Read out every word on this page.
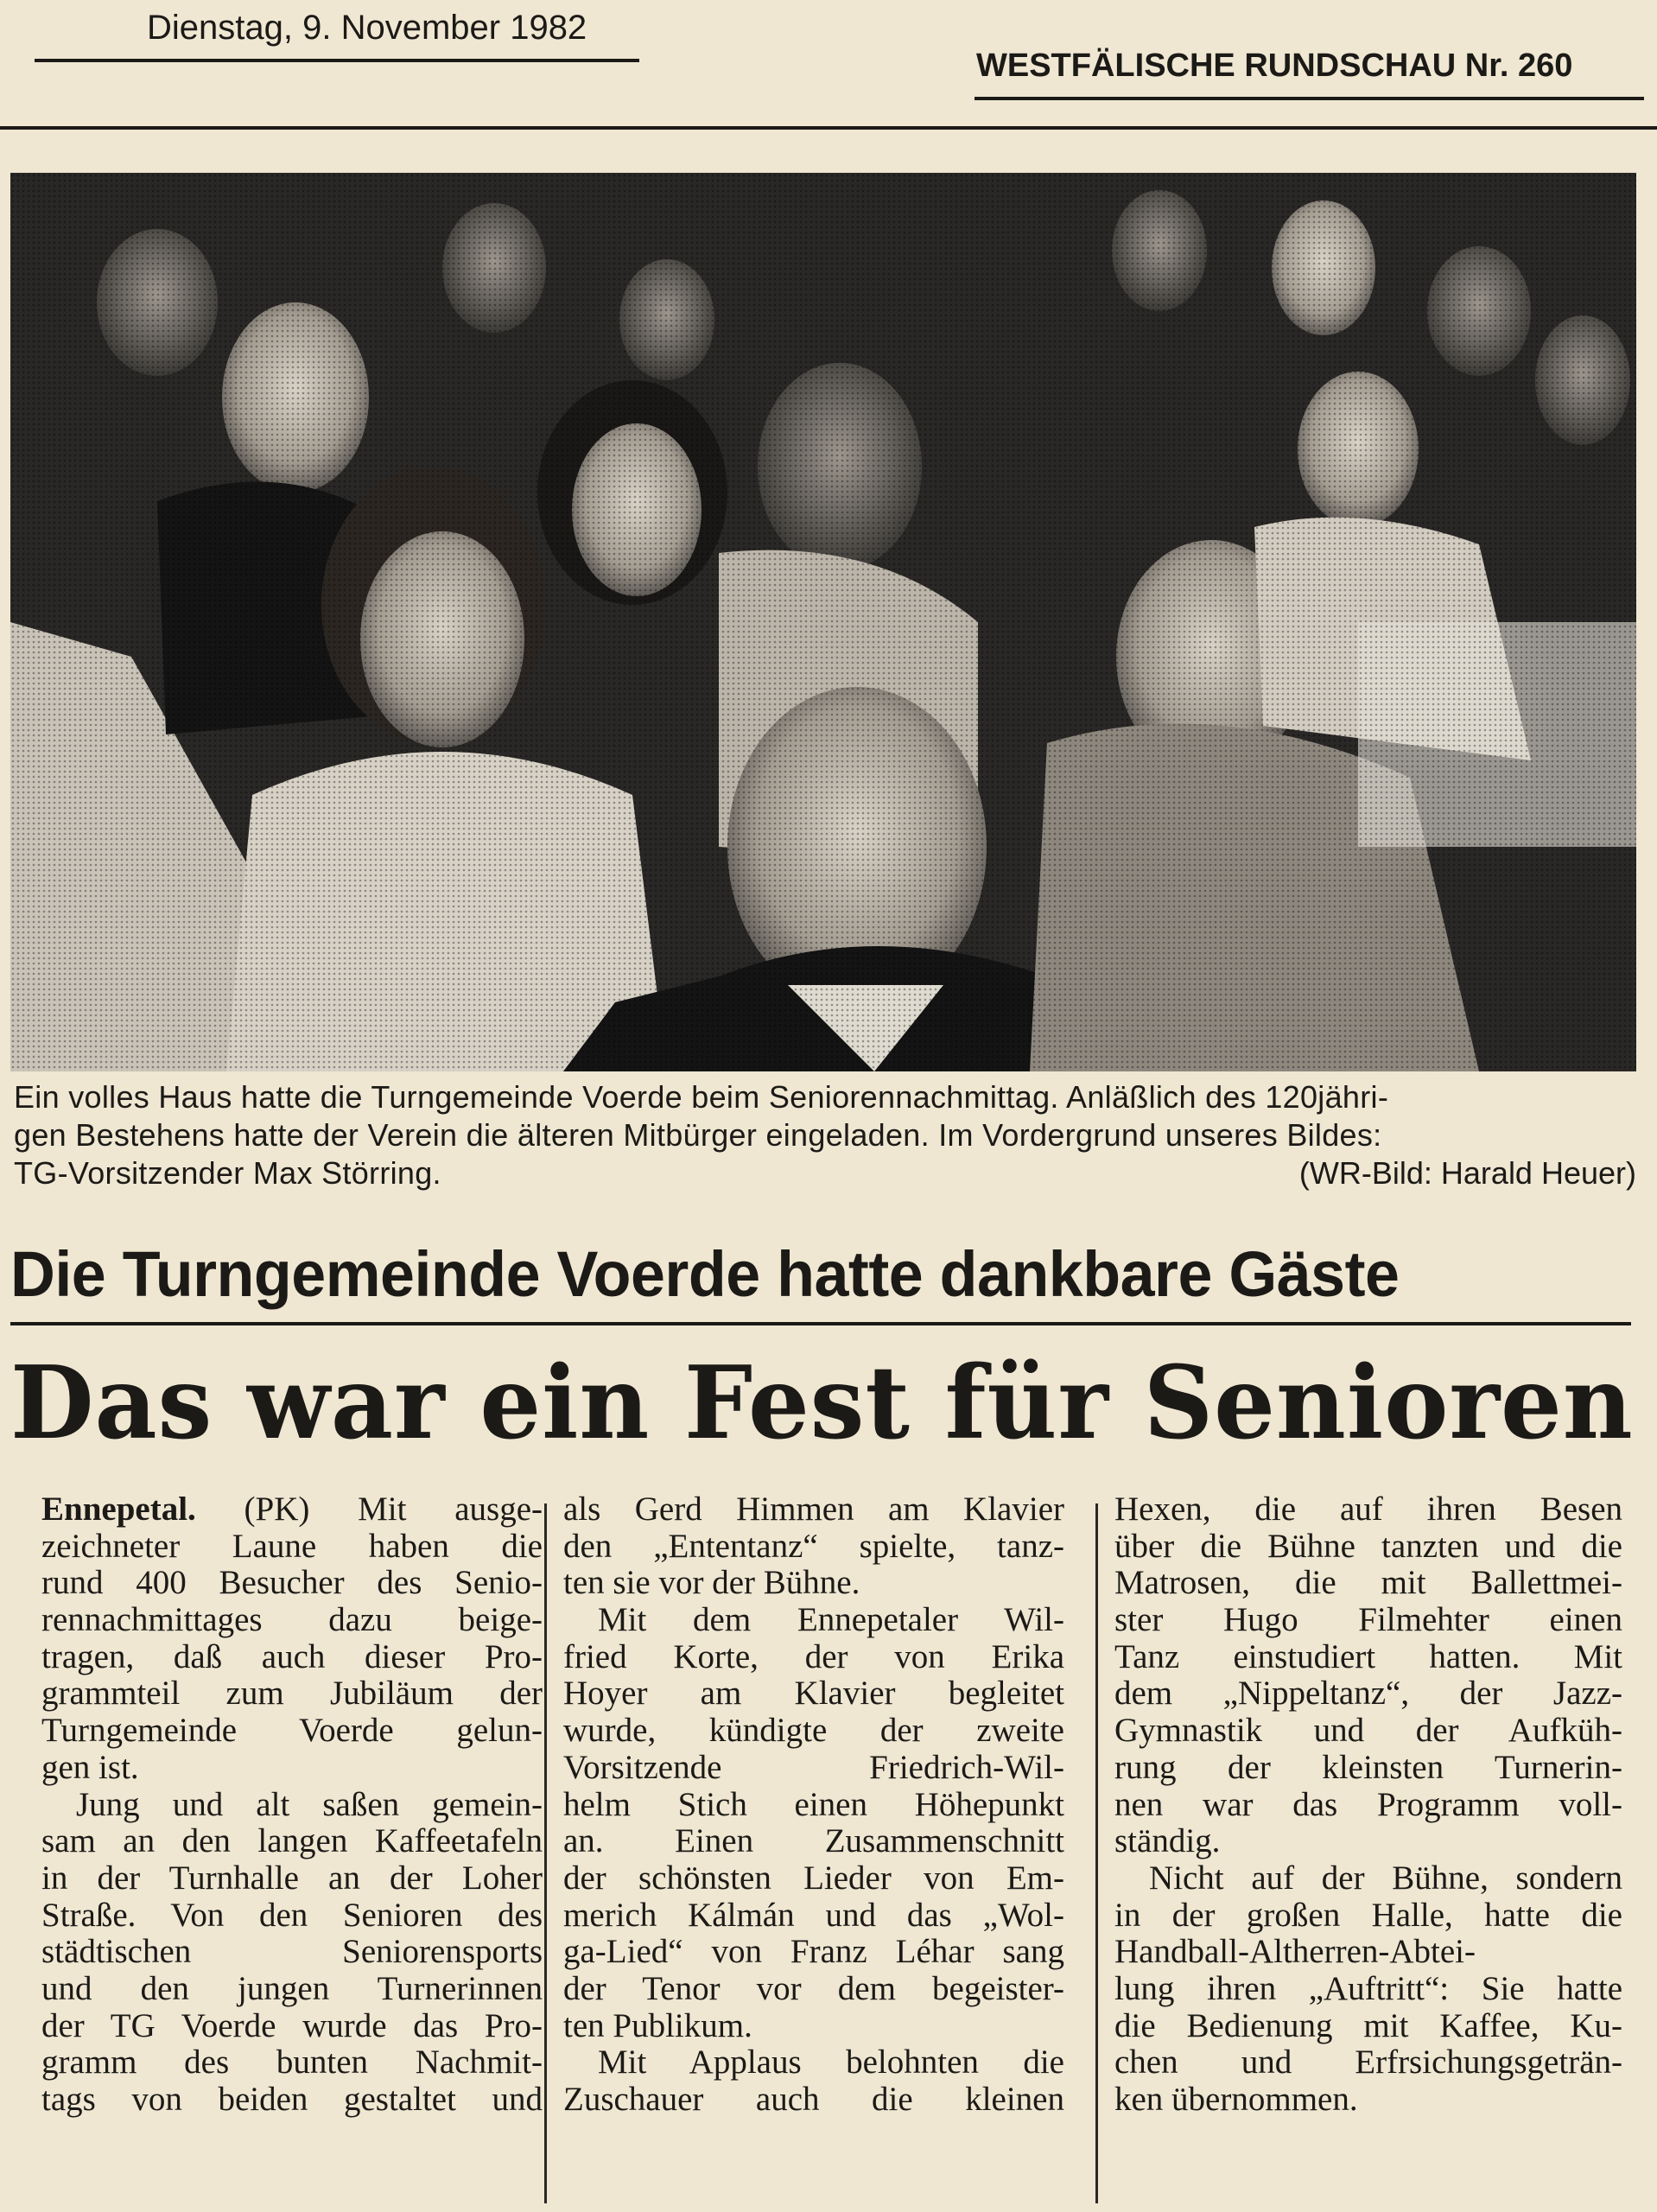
Dienstag, 9. November 1982
WESTFÄLISCHE RUNDSCHAU Nr. 260
Ein volles Haus hatte die Turngemeinde Voerde beim Seniorennachmittag. Anläßlich des 120jähri-
gen Bestehens hatte der Verein die älteren Mitbürger eingeladen. Im Vordergrund unseres Bildes:
TG-Vorsitzender Max Störring.	(WR-Bild: Harald Heuer)
Die Turngemeinde Voerde hatte dankbare Gäste
Das war ein Fest für Senioren
Ennepetal. (PK) Mit ausge-
zeichneter Laune haben die
rund 400 Besucher des Senio-
rennachmittages dazu beige-
tragen, daß auch dieser Pro-
grammteil zum Jubiläum der
Turngemeinde Voerde gelun-
gen ist.
Jung und alt saßen gemein-
sam an den langen Kaffeetafeln
in der Turnhalle an der Loher
Straße. Von den Senioren des
städtischen Seniorensports
und den jungen Turnerinnen
der TG Voerde wurde das Pro-
gramm des bunten Nachmit-
tags von beiden gestaltet und
als Gerd Himmen am Klavier
den „Ententanz“ spielte, tanz-
ten sie vor der Bühne.
Mit dem Ennepetaler Wil-
fried Korte, der von Erika
Hoyer am Klavier begleitet
wurde, kündigte der zweite
Vorsitzende Friedrich-Wil-
helm Stich einen Höhepunkt
an. Einen Zusammenschnitt
der schönsten Lieder von Em-
merich Kálmán und das „Wol-
ga-Lied“ von Franz Léhar sang
der Tenor vor dem begeister-
ten Publikum.
Mit Applaus belohnten die
Zuschauer auch die kleinen
Hexen, die auf ihren Besen
über die Bühne tanzten und die
Matrosen, die mit Ballettmei-
ster Hugo Filmehter einen
Tanz einstudiert hatten. Mit
dem „Nippeltanz“, der Jazz-
Gymnastik und der Aufküh-
rung der kleinsten Turnerin-
nen war das Programm voll-
ständig.
Nicht auf der Bühne, sondern
in der großen Halle, hatte die
Handball-Altherren-Abtei-
lung ihren „Auftritt“: Sie hatte
die Bedienung mit Kaffee, Ku-
chen und Erfrsichungsgeträn-
ken übernommen.
